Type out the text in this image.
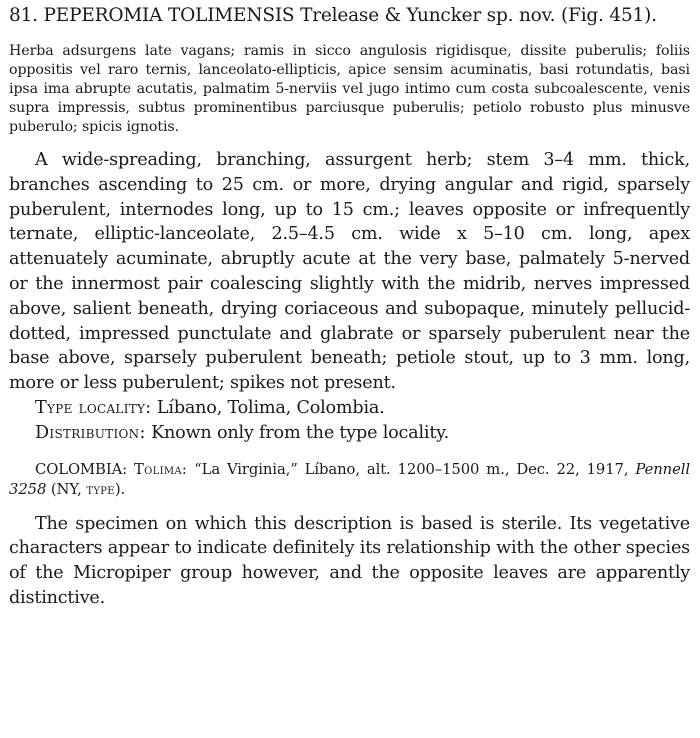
81. PEPEROMIA TOLIMENSIS Trelease & Yuncker sp. nov. (Fig. 451).

Herba adsurgens late vagans; ramis in sicco angulosis rigidisque, dissite puberulis; foliis oppositis vel raro ternis, lanceolato-ellipticis, apice sensim acuminatis, basi rotundatis, basi ipsa ima abrupte acutatis, palmatim 5-nerviis vel jugo intimo cum costa subcoalescente, venis supra impressis, subtus prominentibus parciusque puberulis; petiolo robusto plus minusve puberulo; spicis ignotis.

A wide-spreading, branching, assurgent herb; stem 3–4 mm. thick, branches ascending to 25 cm. or more, drying angular and rigid, sparsely puberulent, internodes long, up to 15 cm.; leaves opposite or infrequently ternate, elliptic-lanceolate, 2.5–4.5 cm. wide x 5–10 cm. long, apex attenuately acuminate, abruptly acute at the very base, palmately 5-nerved or the innermost pair coalescing slightly with the midrib, nerves impressed above, salient beneath, drying coriaceous and subopaque, minutely pellucid-dotted, impressed punctulate and glabrate or sparsely puberulent near the base above, sparsely puberulent beneath; petiole stout, up to 3 mm. long, more or less puberulent; spikes not present.

Type locality: Líbano, Tolima, Colombia.

Distribution: Known only from the type locality.

COLOMBIA: Tolima: “La Virginia,” Líbano, alt. 1200–1500 m., Dec. 22, 1917, Pennell 3258 (NY, type).

The specimen on which this description is based is sterile. Its vegetative characters appear to indicate definitely its relationship with the other species of the Micropiper group however, and the opposite leaves are apparently distinctive.
